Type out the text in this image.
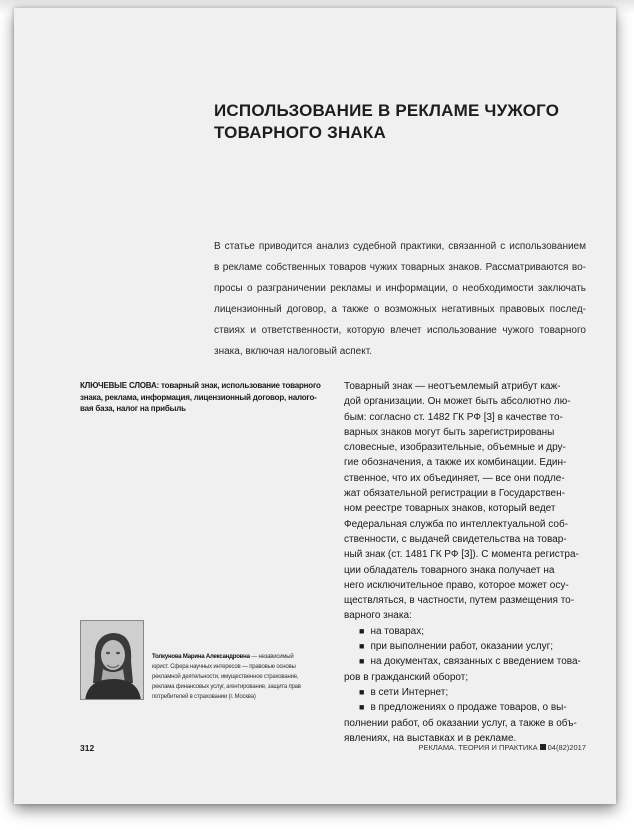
ИСПОЛЬЗОВАНИЕ В РЕКЛАМЕ ЧУЖОГО
ТОВАРНОГО ЗНАКА

В статье приводится анализ судебной практики, связанной с использованием
в рекламе собственных товаров чужих товарных знаков. Рассматриваются во-
просы о разграничении рекламы и информации, о необходимости заключать
лицензионный договор, а также о возможных негативных правовых послед-
ствиях и ответственности, которую влечет использование чужого товарного
знака, включая налоговый аспект.

КЛЮЧЕВЫЕ СЛОВА: товарный знак, использование товарного
знака, реклама, информация, лицензионный договор, налого-
вая база, налог на прибыль
Товарный знак — неотъемлемый атрибут каж-
дой организации. Он может быть абсолютно лю-
бым: согласно ст. 1482 ГК РФ [3] в качестве то-
варных знаков могут быть зарегистрированы
словесные, изобразительные, объемные и дру-
гие обозначения, а также их комбинации. Един-
ственное, что их объединяет, — все они подле-
жат обязательной регистрации в Государствен-
ном реестре товарных знаков, который ведет
Федеральная служба по интеллектуальной соб-
ственности, с выдачей свидетельства на товар-
ный знак (ст. 1481 ГК РФ [3]). С момента регистра-
ции обладатель товарного знака получает на
него исключительное право, которое может осу-
ществляться, в частности, путем размещения то-
варного знака:
■ на товарах;
■ при выполнении работ, оказании услуг;
■ на документах, связанных с введением това-
ров в гражданский оборот;
■ в сети Интернет;
■ в предложениях о продаже товаров, о вы-
полнении работ, об оказании услуг, а также в объ-
явлениях, на выставках и в рекламе.
Толкунова Марина Александровна — независимый
юрист. Сфера научных интересов — правовые основы
рекламной деятельности, имущественное страхование,
реклама финансовых услуг, агентирование, защита прав
потребителей в страховании (г. Москва)
312	РЕКЛАМА. ТЕОРИЯ И ПРАКТИКА 04(82)2017
